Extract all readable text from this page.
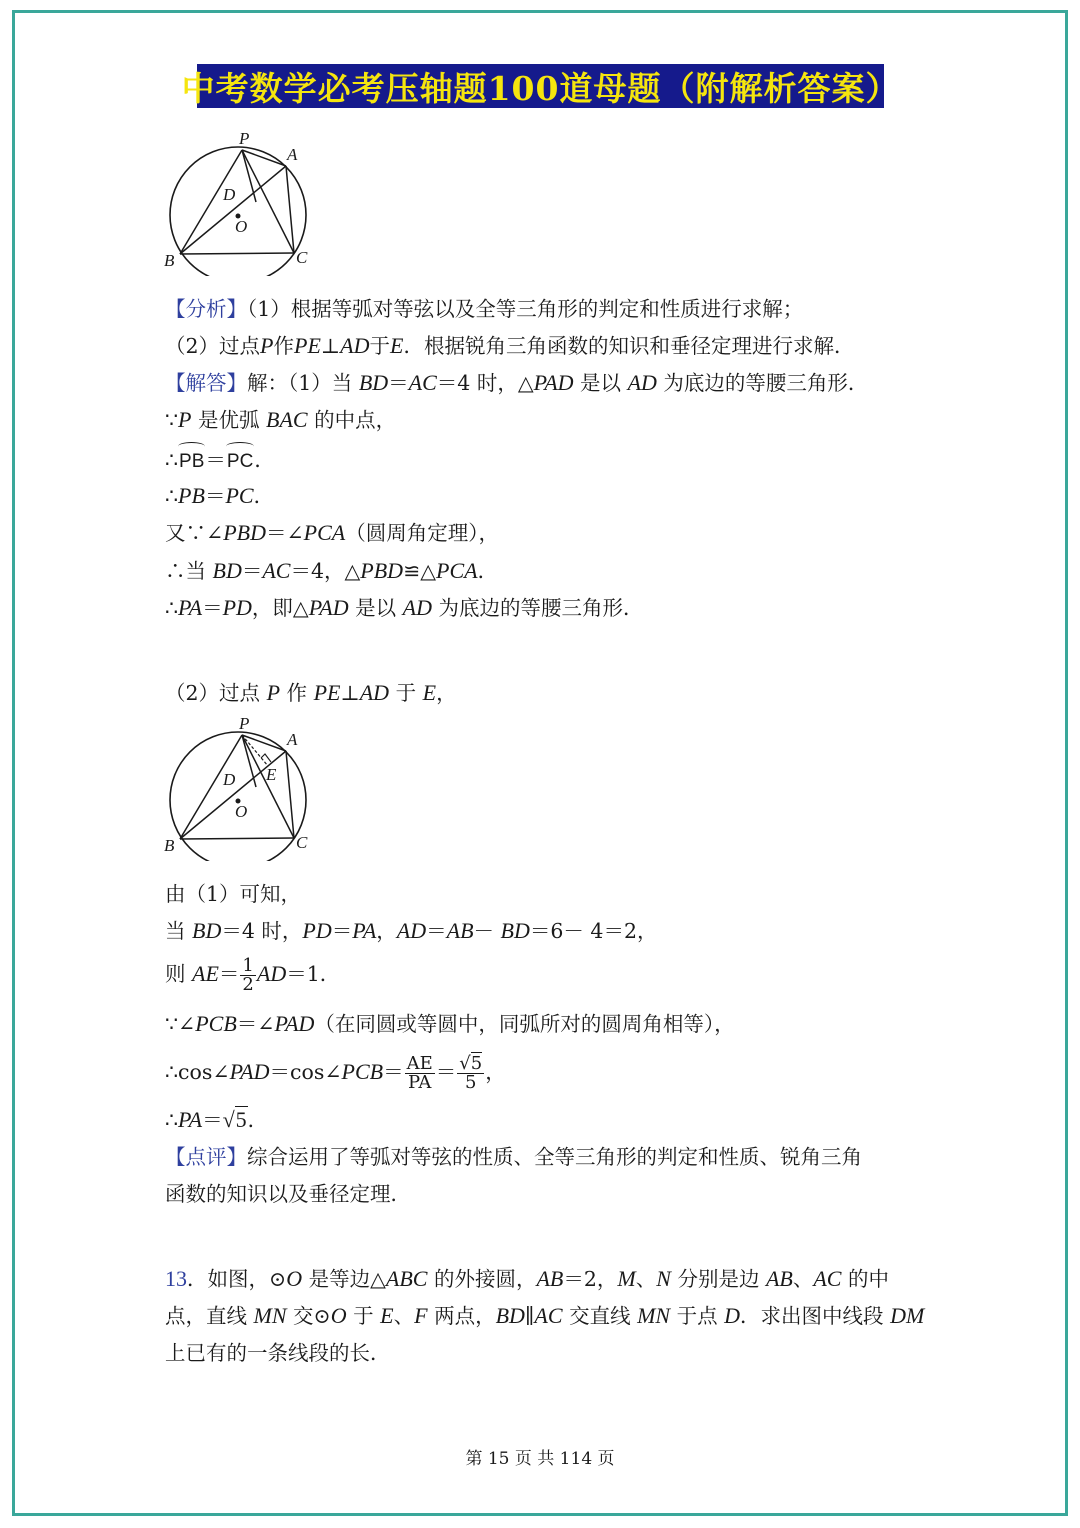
中考数学必考压轴题100道母题（附解析答案）
P
A
D
O
B	C
【分析】（1）根据等弧对等弦以及全等三角形的判定和性质进行求解；
（2）过点P作PE⊥AD于E．根据锐角三角函数的知识和垂径定理进行求解．
【解答】解：（1）当 BD＝AC＝4 时，△PAD 是以 AD 为底边的等腰三角形．
∵P 是优弧 BAC 的中点，
∴PB＝PC．
∴PB＝PC．
又∵∠PBD＝∠PCA（圆周角定理），
∴当 BD＝AC＝4，△PBD≌△PCA．
∴PA＝PD，即△PAD 是以 AD 为底边的等腰三角形．
（2）过点 P 作 PE⊥AD 于 E，
P
A
D E
O
B	C
由（1）可知，
当 BD＝4 时，PD＝PA，AD＝AB－ BD＝6－ 4＝2，
则 $AE= \frac{1}{2} AD=1$．
∵∠PCB＝∠PAD（在同圆或等圆中，同弧所对的圆周角相等），
∴cos∠PAD＝cos∠PCB＝ $\frac{AE}{PA} = \frac{√5}{5}$ ，
∴PA＝√5．
【点评】综合运用了等弧对等弦的性质、全等三角形的判定和性质、锐角三角
函数的知识以及垂径定理．
13．如图，⊙O 是等边△ABC 的外接圆，AB＝2，M、N 分别是边 AB、AC 的中
点，直线 MN 交⊙O 于 E、F 两点，BD∥AC 交直线 MN 于点 D．求出图中线段 DM
上已有的一条线段的长．
第 15 页 共 114 页
